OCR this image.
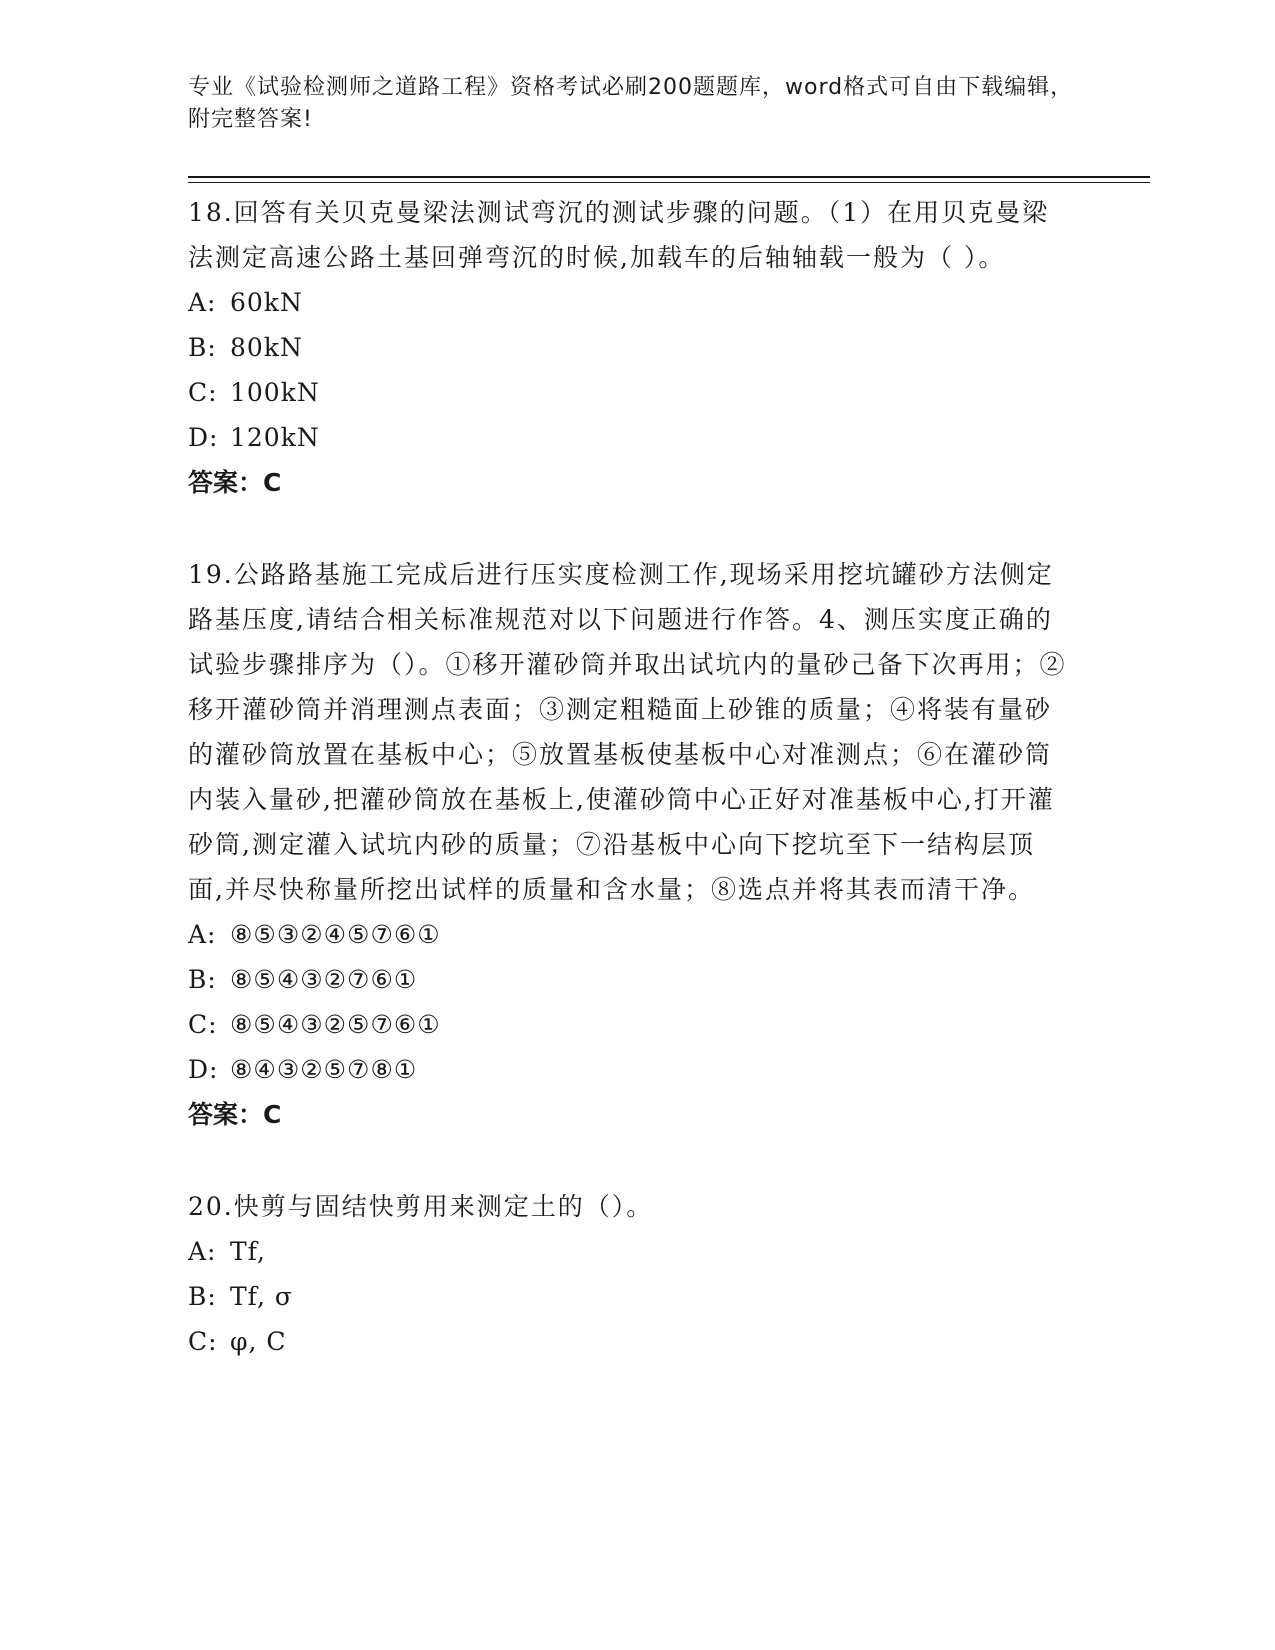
专业《试验检测师之道路工程》资格考试必刷200题题库，word格式可自由下载编辑，附完整答案!

18.回答有关贝克曼梁法测试弯沉的测试步骤的问题。（1）在用贝克曼梁法测定高速公路土基回弹弯沉的时候,加载车的后轴轴载一般为（ ）。

A: 60kN

B: 80kN

C: 100kN

D: 120kN

答案：C

19.公路路基施工完成后进行压实度检测工作,现场采用挖坑罐砂方法侧定路基压度,请结合相关标准规范对以下问题进行作答。4、测压实度正确的试验步骤排序为（）。①移开灌砂筒并取出试坑内的量砂己备下次再用；②移开灌砂筒并消理测点表面；③测定粗糙面上砂锥的质量；④将装有量砂的灌砂筒放置在基板中心；⑤放置基板使基板中心对准测点；⑥在灌砂筒内装入量砂,把灌砂筒放在基板上,使灌砂筒中心正好对准基板中心,打开灌砂筒,测定灌入试坑内砂的质量；⑦沿基板中心向下挖坑至下一结构层顶面,并尽快称量所挖出试样的质量和含水量；⑧选点并将其表而清干净。

A: ⑧⑤③②④⑤⑦⑥①

B: ⑧⑤④③②⑦⑥①

C: ⑧⑤④③②⑤⑦⑥①

D: ⑧④③②⑤⑦⑧①

答案：C

20.快剪与固结快剪用来测定土的（）。

A: Tf,

B: Tf, σ

C: φ, C
